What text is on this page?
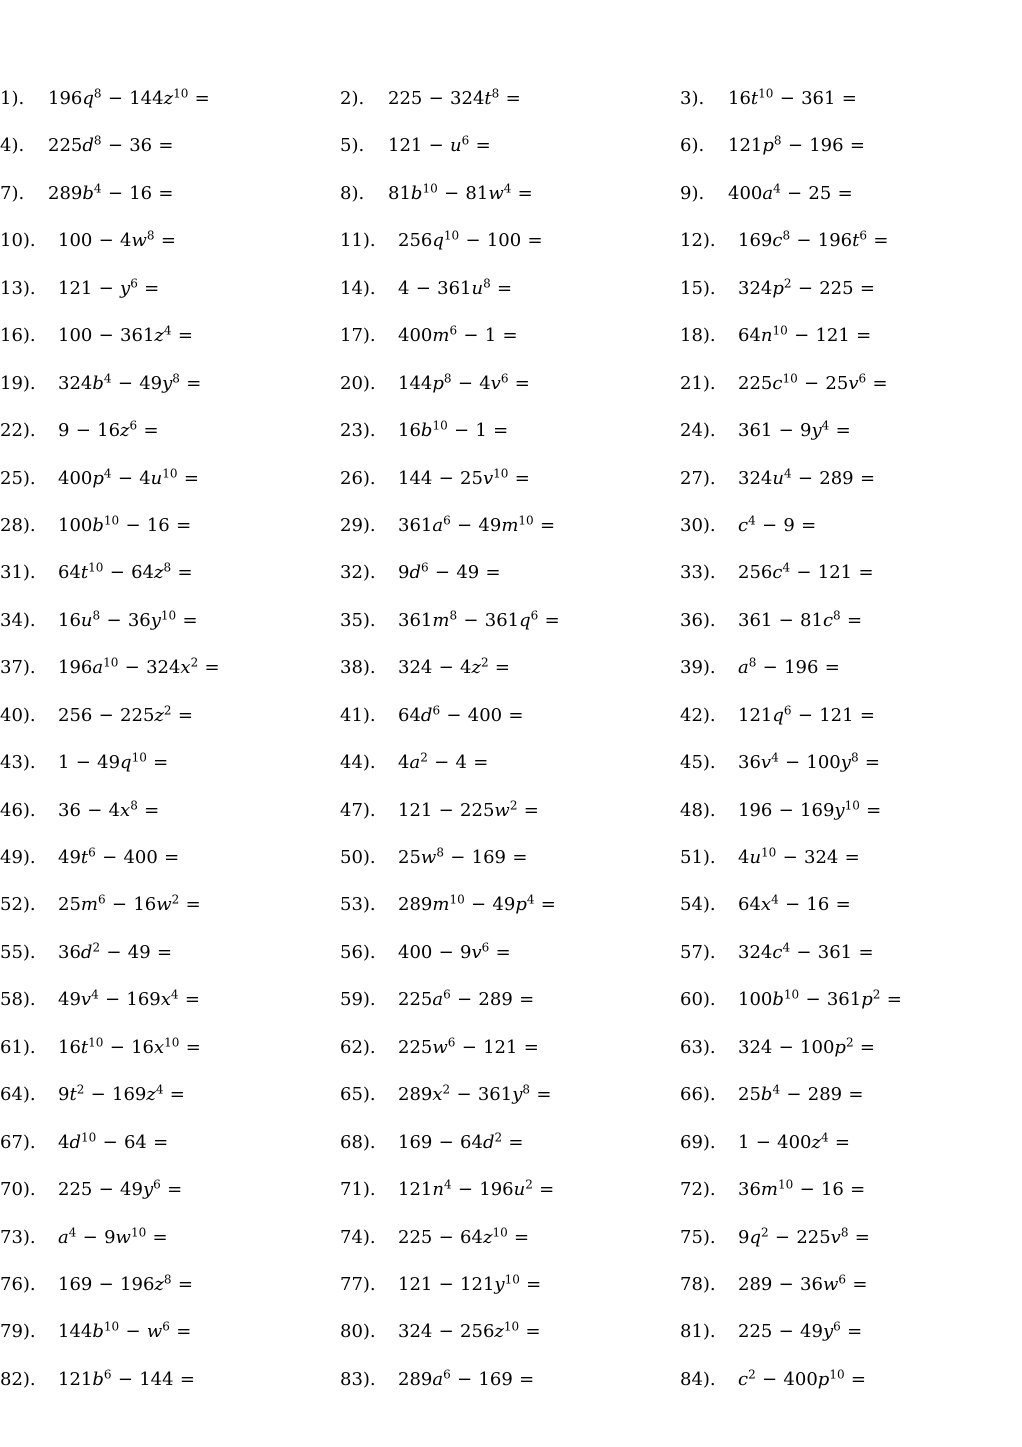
1). $196q^8 - 144z^{10}$ =	2). $225 - 324t^8$ =	3). $16t^{10} - 361$ =
4). $225d^8 - 36$ =	5). $121 - u^6$ =	6). $121p^8 - 196$ =
7). $289b^4 - 16$ =	8). $81b^{10} - 81w^4$ =	9). $400a^4 - 25$ =
10). $100 - 4w^8$ =	11). $256q^{10} - 100$ =	12). $169c^8 - 196t^6$ =
13). $121 - y^6$ =	14). $4 - 361u^8$ =	15). $324p^2 - 225$ =
16). $100 - 361z^4$ =	17). $400m^6 - 1$ =	18). $64n^{10} - 121$ =
19). $324b^4 - 49y^8$ =	20). $144p^8 - 4v^6$ =	21). $225c^{10} - 25v^6$ =
22). $9 - 16z^6$ =	23). $16b^{10} - 1$ =	24). $361 - 9y^4$ =
25). $400p^4 - 4u^{10}$ =	26). $144 - 25v^{10}$ =	27). $324u^4 - 289$ =
28). $100b^{10} - 16$ =	29). $361a^6 - 49m^{10}$ =	30). $c^4 - 9$ =
31). $64t^{10} - 64z^8$ =	32). $9d^6 - 49$ =	33). $256c^4 - 121$ =
34). $16u^8 - 36y^{10}$ =	35). $361m^8 - 361q^6$ =	36). $361 - 81c^8$ =
37). $196a^{10} - 324x^2$ =	38). $324 - 4z^2$ =	39). $a^8 - 196$ =
40). $256 - 225z^2$ =	41). $64d^6 - 400$ =	42). $121q^6 - 121$ =
43). $1 - 49q^{10}$ =	44). $4a^2 - 4$ =	45). $36v^4 - 100y^8$ =
46). $36 - 4x^8$ =	47). $121 - 225w^2$ =	48). $196 - 169y^{10}$ =
49). $49t^6 - 400$ =	50). $25w^8 - 169$ =	51). $4u^{10} - 324$ =
52). $25m^6 - 16w^2$ =	53). $289m^{10} - 49p^4$ =	54). $64x^4 - 16$ =
55). $36d^2 - 49$ =	56). $400 - 9v^6$ =	57). $324c^4 - 361$ =
58). $49v^4 - 169x^4$ =	59). $225a^6 - 289$ =	60). $100b^{10} - 361p^2$ =
61). $16t^{10} - 16x^{10}$ =	62). $225w^6 - 121$ =	63). $324 - 100p^2$ =
64). $9t^2 - 169z^4$ =	65). $289x^2 - 361y^8$ =	66). $25b^4 - 289$ =
67). $4d^{10} - 64$ =	68). $169 - 64d^2$ =	69). $1 - 400z^4$ =
70). $225 - 49y^6$ =	71). $121n^4 - 196u^2$ =	72). $36m^{10} - 16$ =
73). $a^4 - 9w^{10}$ =	74). $225 - 64z^{10}$ =	75). $9q^2 - 225v^8$ =
76). $169 - 196z^8$ =	77). $121 - 121y^{10}$ =	78). $289 - 36w^6$ =
79). $144b^{10} - w^6$ =	80). $324 - 256z^{10}$ =	81). $225 - 49y^6$ =
82). $121b^6 - 144$ =	83). $289a^6 - 169$ =	84). $c^2 - 400p^{10}$ =
